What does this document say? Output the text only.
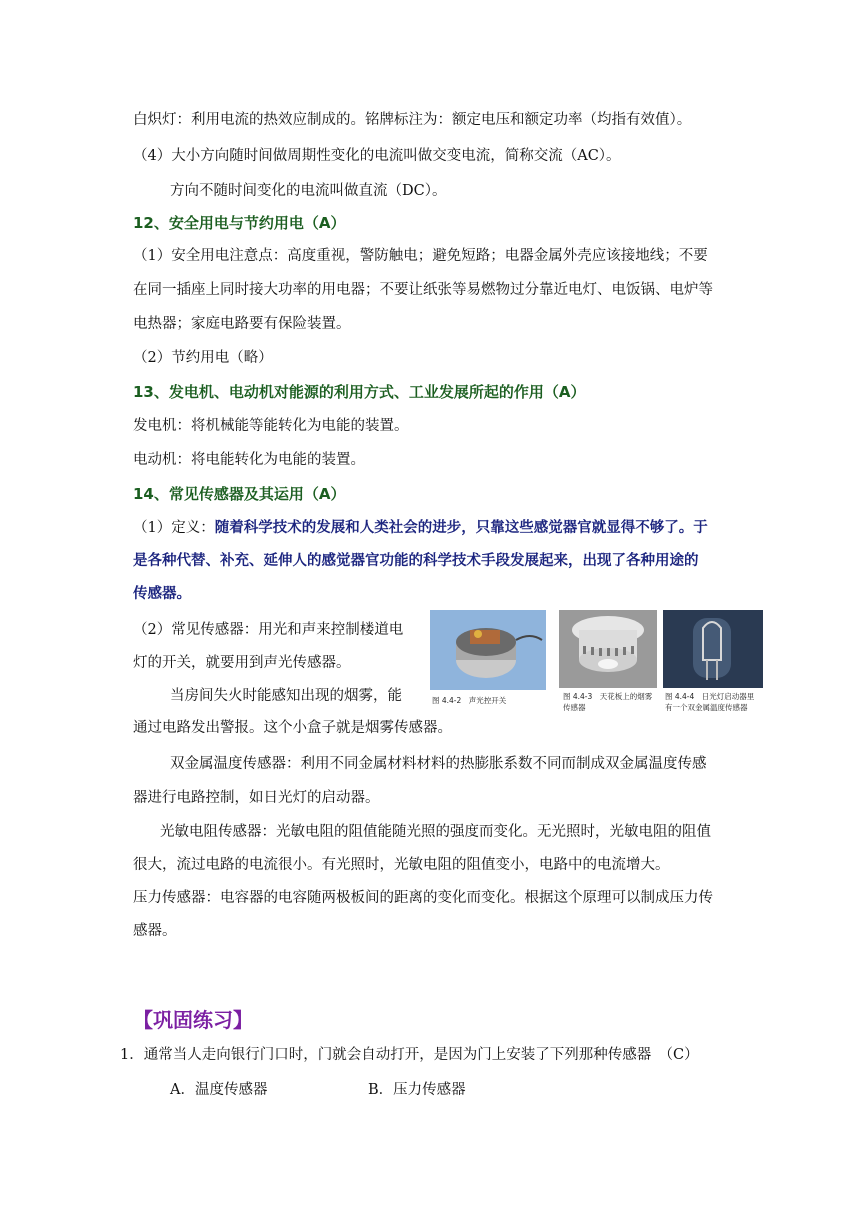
白炽灯：利用电流的热效应制成的。铭牌标注为：额定电压和额定功率（均指有效值）。
（4）大小方向随时间做周期性变化的电流叫做交变电流，简称交流（AC）。
方向不随时间变化的电流叫做直流（DC）。
12、安全用电与节约用电（A）
（1）安全用电注意点：高度重视，警防触电；避免短路；电器金属外壳应该接地线；不要
在同一插座上同时接大功率的用电器；不要让纸张等易燃物过分靠近电灯、电饭锅、电炉等
电热器；家庭电路要有保险装置。
（2）节约用电（略）
13、发电机、电动机对能源的利用方式、工业发展所起的作用（A）
发电机：将机械能等能转化为电能的装置。
电动机：将电能转化为电能的装置。
14、常见传感器及其运用（A）
（1）定义：随着科学技术的发展和人类社会的进步，只靠这些感觉器官就显得不够了。于
是各种代替、补充、延伸人的感觉器官功能的科学技术手段发展起来，出现了各种用途的
传感器。
（2）常见传感器：用光和声来控制楼道电
灯的开关，就要用到声光传感器。
当房间失火时能感知出现的烟雾，能
通过电路发出警报。这个小盒子就是烟雾传感器。
图 4.4-2　声光控开关	图 4.4-3　天花板上的烟雾
传感器
图 4.4-4　日光灯启动器里
有一个双金属温度传感器
双金属温度传感器：利用不同金属材料材料的热膨胀系数不同而制成双金属温度传感
器进行电路控制，如日光灯的启动器。
光敏电阻传感器：光敏电阻的阻值能随光照的强度而变化。无光照时，光敏电阻的阻值
很大，流过电路的电流很小。有光照时，光敏电阻的阻值变小，电路中的电流增大。
压力传感器：电容器的电容随两极板间的距离的变化而变化。根据这个原理可以制成压力传
感器。
【巩固练习】
1．通常当人走向银行门口时，门就会自动打开，是因为门上安装了下列那种传感器　（C）
A．温度传感器	B．压力传感器
